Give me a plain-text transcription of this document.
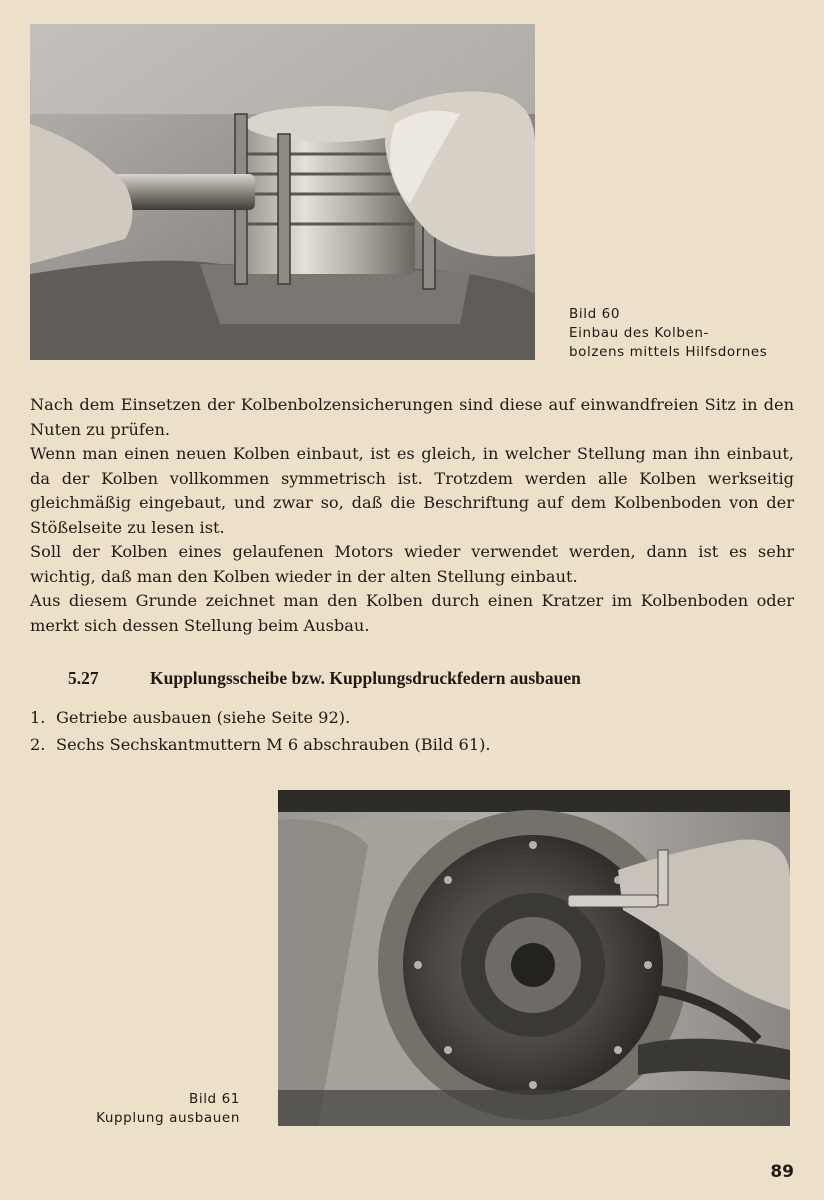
Bild 60
Einbau des Kolben-
bolzens mittels Hilfsdornes

Nach dem Einsetzen der Kolbenbolzensicherungen sind diese auf einwandfreien Sitz in den Nuten zu prüfen.

Wenn man einen neuen Kolben einbaut, ist es gleich, in welcher Stellung man ihn einbaut, da der Kolben vollkommen symmetrisch ist. Trotzdem werden alle Kolben werkseitig gleichmäßig eingebaut, und zwar so, daß die Beschriftung auf dem Kolbenboden von der Stößelseite zu lesen ist.

Soll der Kolben eines gelaufenen Motors wieder verwendet werden, dann ist es sehr wichtig, daß man den Kolben wieder in der alten Stellung einbaut.

Aus diesem Grunde zeichnet man den Kolben durch einen Kratzer im Kolbenboden oder merkt sich dessen Stellung beim Ausbau.

5.27	Kupplungsscheibe bzw. Kupplungsdruckfedern ausbauen
1. Getriebe ausbauen (siehe Seite 92).
2. Sechs Sechskantmuttern M 6 abschrauben (Bild 61).
Bild 61
Kupplung ausbauen
89
